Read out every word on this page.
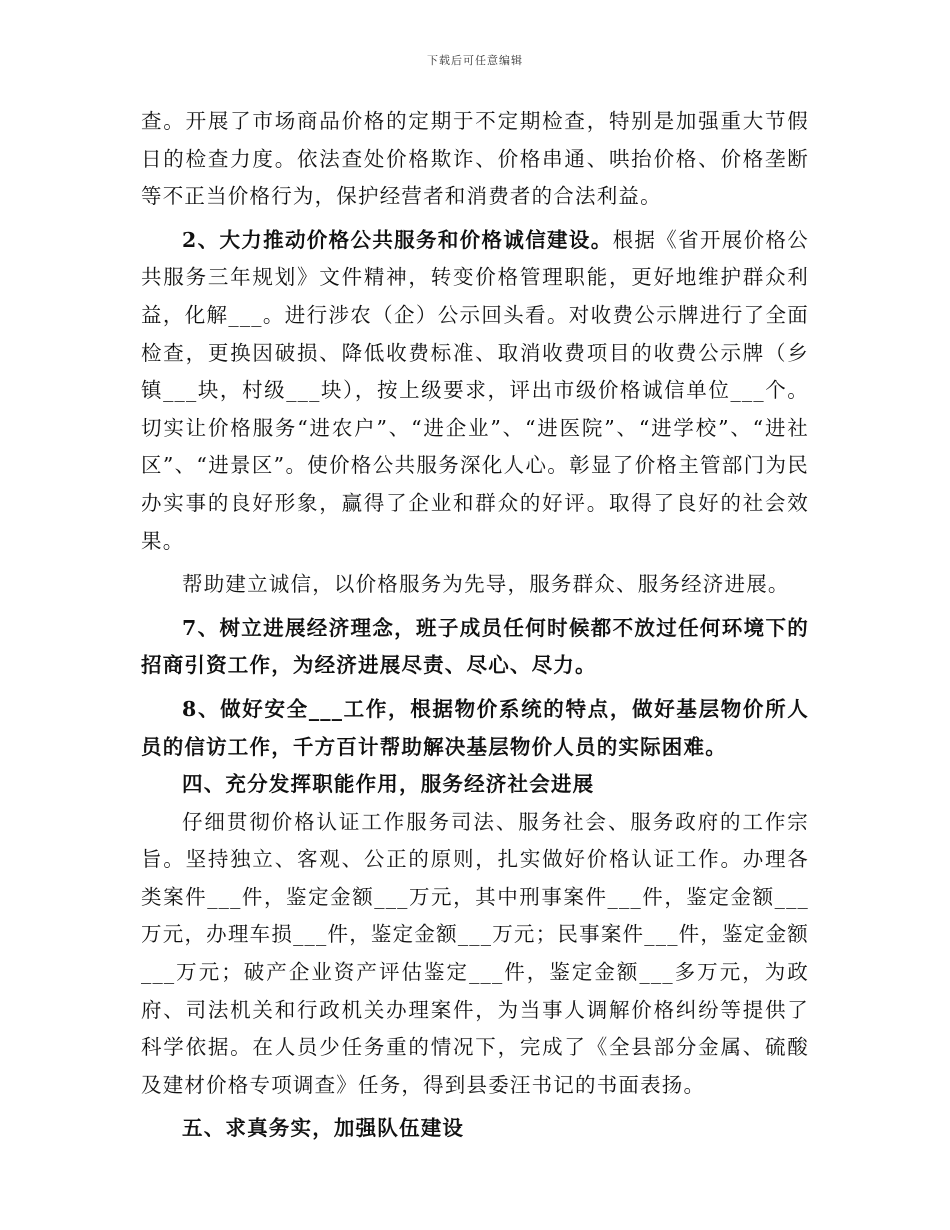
下载后可任意编辑

查。开展了市场商品价格的定期于不定期检查，特别是加强重大节假日的检查力度。依法查处价格欺诈、价格串通、哄抬价格、价格垄断等不正当价格行为，保护经营者和消费者的合法利益。

2、大力推动价格公共服务和价格诚信建设。根据《省开展价格公共服务三年规划》文件精神，转变价格管理职能，更好地维护群众利益，化解___。进行涉农（企）公示回头看。对收费公示牌进行了全面检查，更换因破损、降低收费标准、取消收费项目的收费公示牌（乡镇___块，村级___块），按上级要求，评出市级价格诚信单位___个。切实让价格服务“进农户”、“进企业”、“进医院”、“进学校”、“进社区”、“进景区”。使价格公共服务深化人心。彰显了价格主管部门为民办实事的良好形象，赢得了企业和群众的好评。取得了良好的社会效果。

帮助建立诚信，以价格服务为先导，服务群众、服务经济进展。

7、树立进展经济理念，班子成员任何时候都不放过任何环境下的招商引资工作，为经济进展尽责、尽心、尽力。

8、做好安全___工作，根据物价系统的特点，做好基层物价所人员的信访工作，千方百计帮助解决基层物价人员的实际困难。

四、充分发挥职能作用，服务经济社会进展

仔细贯彻价格认证工作服务司法、服务社会、服务政府的工作宗旨。坚持独立、客观、公正的原则，扎实做好价格认证工作。办理各类案件___件，鉴定金额___万元，其中刑事案件___件，鉴定金额___万元，办理车损___件，鉴定金额___万元；民事案件___件，鉴定金额___万元；破产企业资产评估鉴定___件，鉴定金额___多万元，为政府、司法机关和行政机关办理案件，为当事人调解价格纠纷等提供了科学依据。在人员少任务重的情况下，完成了《全县部分金属、硫酸及建材价格专项调查》任务，得到县委汪书记的书面表扬。

五、求真务实，加强队伍建设
